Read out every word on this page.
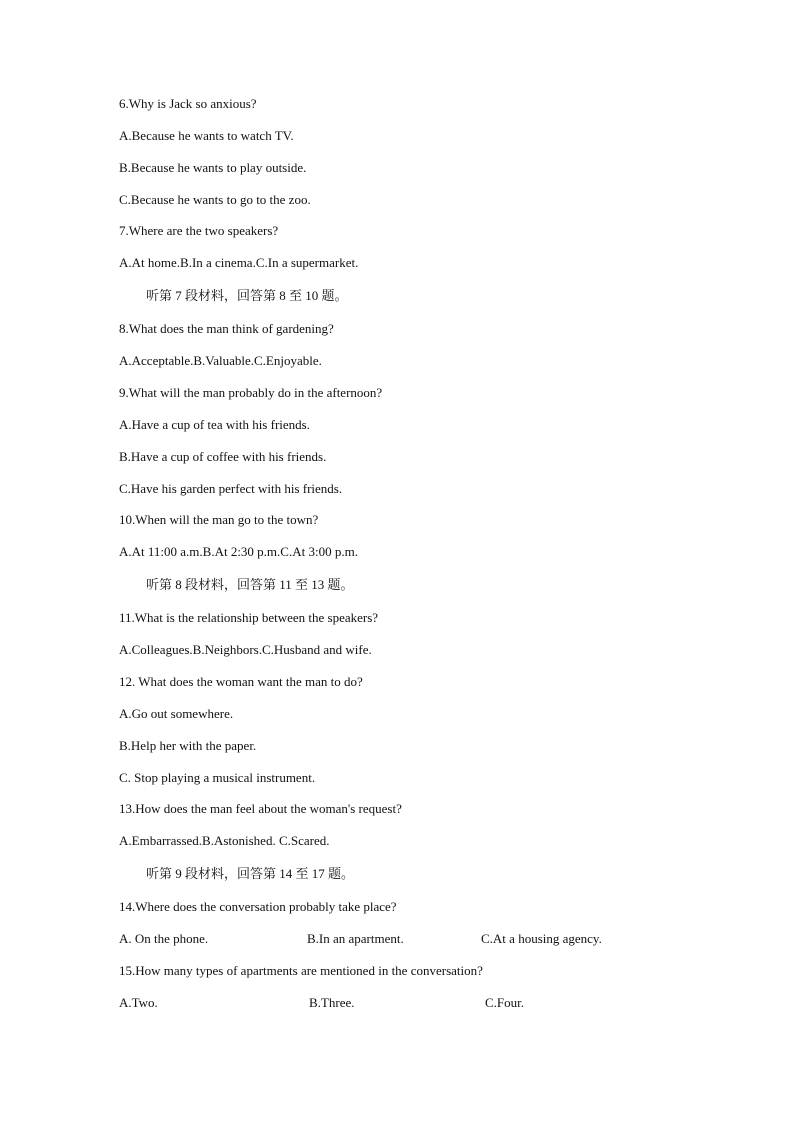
6.Why is Jack so anxious?
A.Because he wants to watch TV.
B.Because he wants to play outside.
C.Because he wants to go to the zoo.
7.Where are the two speakers?
A.At home.B.In a cinema.C.In a supermarket.
听第 7 段材料，回答第 8 至 10 题。
8.What does the man think of gardening?
A.Acceptable.B.Valuable.C.Enjoyable.
9.What will the man probably do in the afternoon?
A.Have a cup of tea with his friends.
B.Have a cup of coffee with his friends.
C.Have his garden perfect with his friends.
10.When will the man go to the town?
A.At 11:00 a.m.B.At 2:30 p.m.C.At 3:00 p.m.
听第 8 段材料，回答第 11 至 13 题。
11.What is the relationship between the speakers?
A.Colleagues.B.Neighbors.C.Husband and wife.
12. What does the woman want the man to do?
A.Go out somewhere.
B.Help her with the paper.
C. Stop playing a musical instrument.
13.How does the man feel about the woman's request?
A.Embarrassed.B.Astonished. C.Scared.
听第 9 段材料，回答第 14 至 17 题。
14.Where does the conversation probably take place?
A. On the phone.	B.In an apartment.	C.At a housing agency.
15.How many types of apartments are mentioned in the conversation?
A.Two.	B.Three.	C.Four.
